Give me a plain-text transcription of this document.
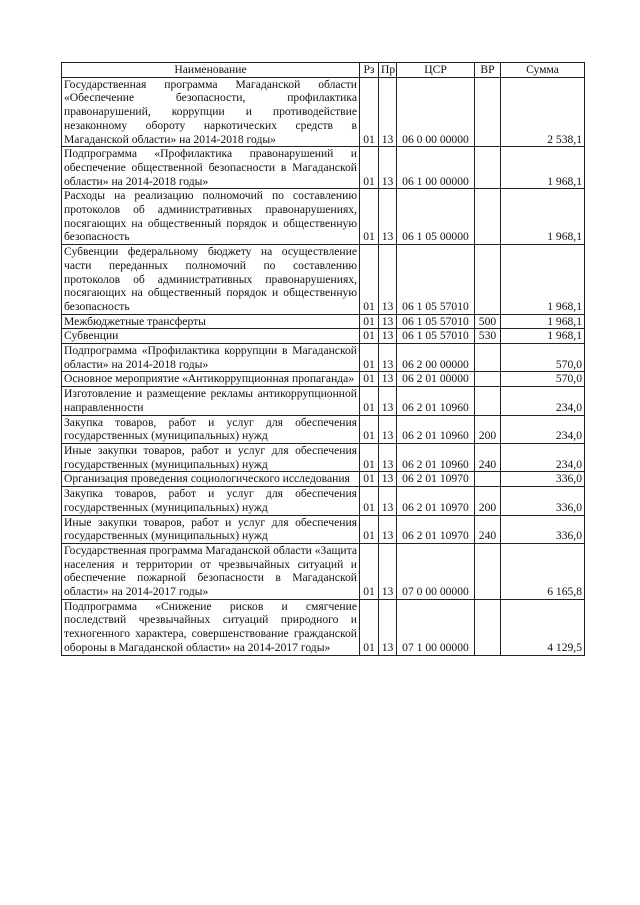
Наименование	Рз	Пр	ЦСР	ВР	Сумма
Государственная программа Магаданской области «Обеспечение безопасности, профилактика правонарушений, коррупции и противодействие незаконному обороту наркотических средств в Магаданской области» на 2014-2018 годы»	01	13	06 0 00 00000		2 538,1
Подпрограмма «Профилактика правонарушений и обеспечение общественной безопасности в Магаданской области» на 2014-2018 годы»	01	13	06 1 00 00000		1 968,1
Расходы на реализацию полномочий по составлению протоколов об административных правонарушениях, посягающих на общественный порядок и общественную безопасность	01	13	06 1 05 00000		1 968,1
Субвенции федеральному бюджету на осуществление части переданных полномочий по составлению протоколов об административных правонарушениях, посягающих на общественный порядок и общественную безопасность	01	13	06 1 05 57010		1 968,1
Межбюджетные трансферты	01	13	06 1 05 57010	500	1 968,1
Субвенции	01	13	06 1 05 57010	530	1 968,1
Подпрограмма «Профилактика коррупции в Магаданской области» на 2014-2018 годы»	01	13	06 2 00 00000		570,0
Основное мероприятие «Антикоррупционная пропаганда»	01	13	06 2 01 00000		570,0
Изготовление и размещение рекламы антикоррупционной направленности	01	13	06 2 01 10960		234,0
Закупка товаров, работ и услуг для обеспечения государственных (муниципальных) нужд	01	13	06 2 01 10960	200	234,0
Иные закупки товаров, работ и услуг для обеспечения государственных (муниципальных) нужд	01	13	06 2 01 10960	240	234,0
Организация проведения социологического исследования	01	13	06 2 01 10970		336,0
Закупка товаров, работ и услуг для обеспечения государственных (муниципальных) нужд	01	13	06 2 01 10970	200	336,0
Иные закупки товаров, работ и услуг для обеспечения государственных (муниципальных) нужд	01	13	06 2 01 10970	240	336,0
Государственная программа Магаданской области «Защита населения и территории от чрезвычайных ситуаций и обеспечение пожарной безопасности в Магаданской области» на 2014-2017 годы»	01	13	07 0 00 00000		6 165,8
Подпрограмма «Снижение рисков и смягчение последствий чрезвычайных ситуаций природного и техногенного характера, совершенствование гражданской обороны в Магаданской области» на 2014-2017 годы»	01	13	07 1 00 00000		4 129,5
